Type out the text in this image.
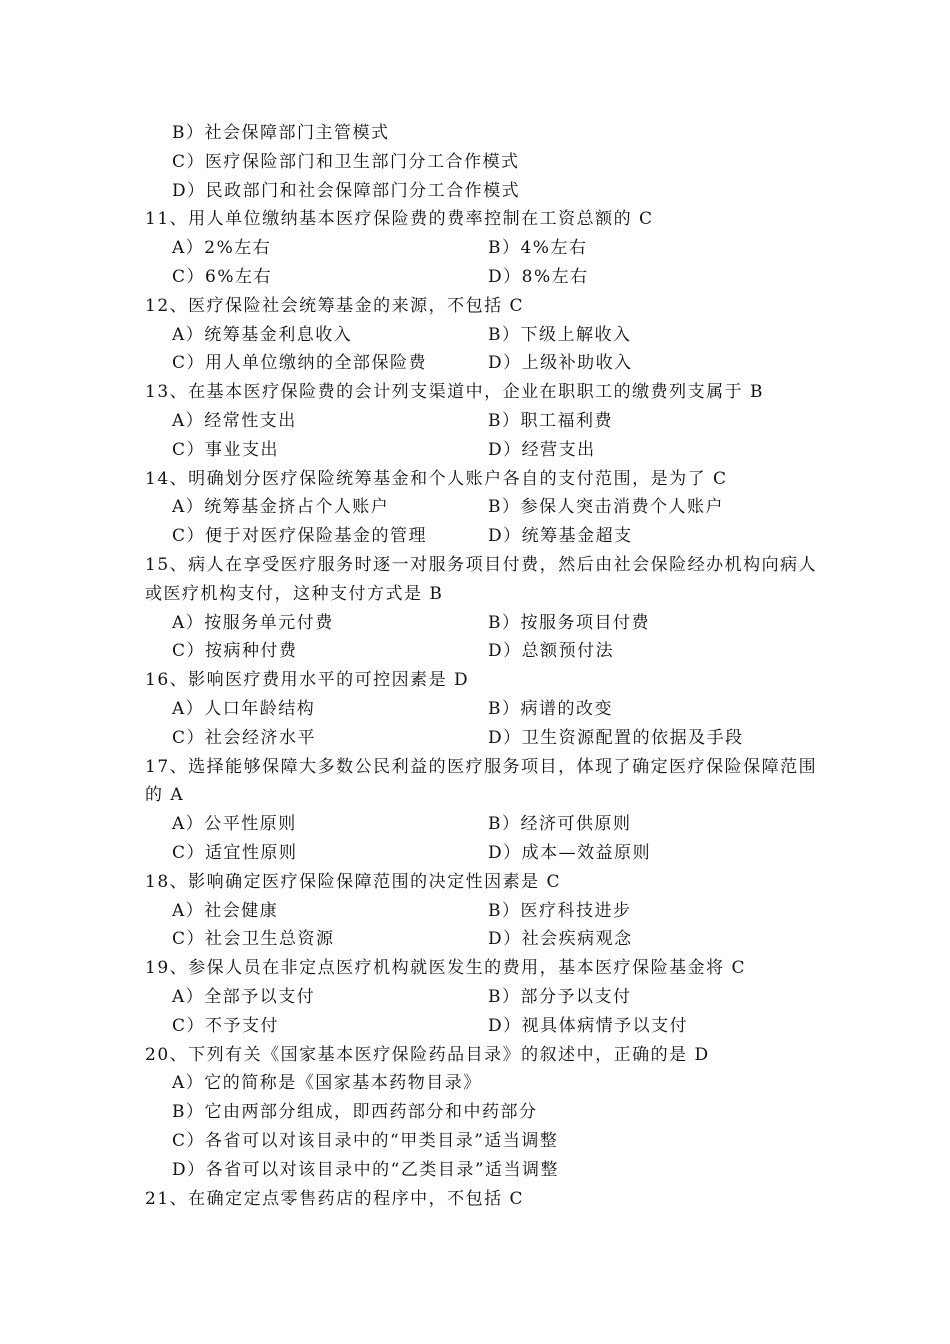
B）社会保障部门主管模式
C）医疗保险部门和卫生部门分工合作模式
D）民政部门和社会保障部门分工合作模式
11、用人单位缴纳基本医疗保险费的费率控制在工资总额的 C
A）2%左右	B）4%左右
C）6%左右	D）8%左右
12、医疗保险社会统筹基金的来源，不包括 C
A）统筹基金利息收入	B）下级上解收入
C）用人单位缴纳的全部保险费	D）上级补助收入
13、在基本医疗保险费的会计列支渠道中，企业在职职工的缴费列支属于 B
A）经常性支出	B）职工福利费
C）事业支出	D）经营支出
14、明确划分医疗保险统筹基金和个人账户各自的支付范围，是为了 C
A）统筹基金挤占个人账户	B）参保人突击消费个人账户
C）便于对医疗保险基金的管理	D）统筹基金超支
15、病人在享受医疗服务时逐一对服务项目付费，然后由社会保险经办机构向病人
或医疗机构支付，这种支付方式是 B
A）按服务单元付费	B）按服务项目付费
C）按病种付费	D）总额预付法
16、影响医疗费用水平的可控因素是 D
A）人口年龄结构	B）病谱的改变
C）社会经济水平	D）卫生资源配置的依据及手段
17、选择能够保障大多数公民利益的医疗服务项目，体现了确定医疗保险保障范围
的 A
A）公平性原则	B）经济可供原则
C）适宜性原则	D）成本—效益原则
18、影响确定医疗保险保障范围的决定性因素是 C
A）社会健康	B）医疗科技进步
C）社会卫生总资源	D）社会疾病观念
19、参保人员在非定点医疗机构就医发生的费用，基本医疗保险基金将 C
A）全部予以支付	B）部分予以支付
C）不予支付	D）视具体病情予以支付
20、下列有关《国家基本医疗保险药品目录》的叙述中，正确的是 D
A）它的简称是《国家基本药物目录》
B）它由两部分组成，即西药部分和中药部分
C）各省可以对该目录中的“甲类目录”适当调整
D）各省可以对该目录中的“乙类目录”适当调整
21、在确定定点零售药店的程序中，不包括 C
